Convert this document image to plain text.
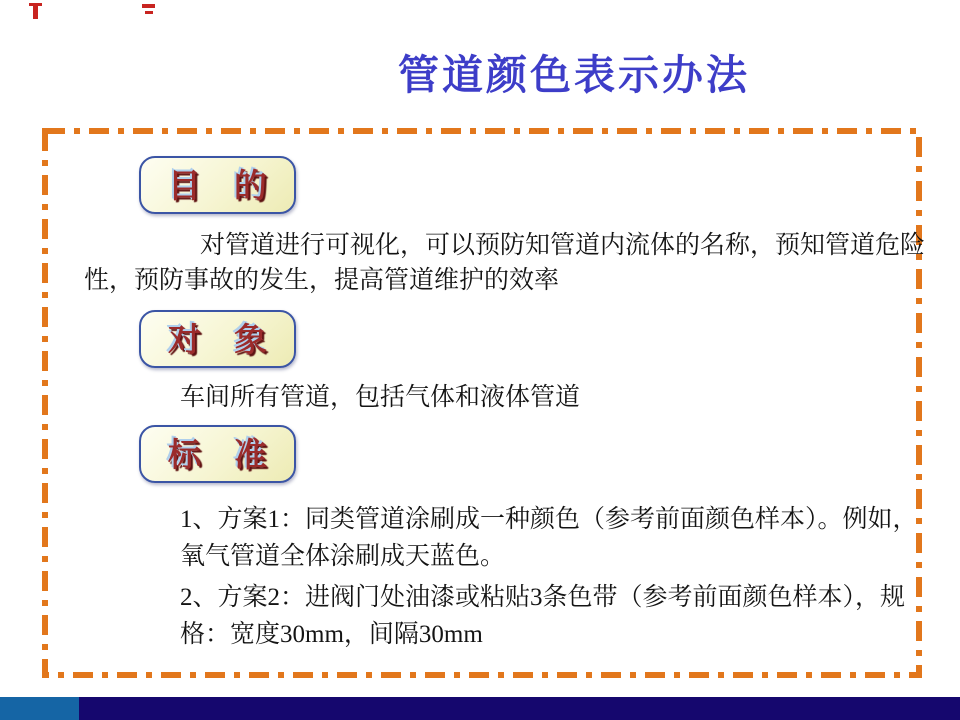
管道颜色表示办法
目　的
对管道进行可视化，可以预防知管道内流体的名称，预知管道危险
性，预防事故的发生，提高管道维护的效率
对　象
车间所有管道，包括气体和液体管道
标　准
1、方案1：同类管道涂刷成一种颜色（参考前面颜色样本）。例如，
氧气管道全体涂刷成天蓝色。
2、方案2：进阀门处油漆或粘贴3条色带（参考前面颜色样本），规
格：宽度30mm，间隔30mm
